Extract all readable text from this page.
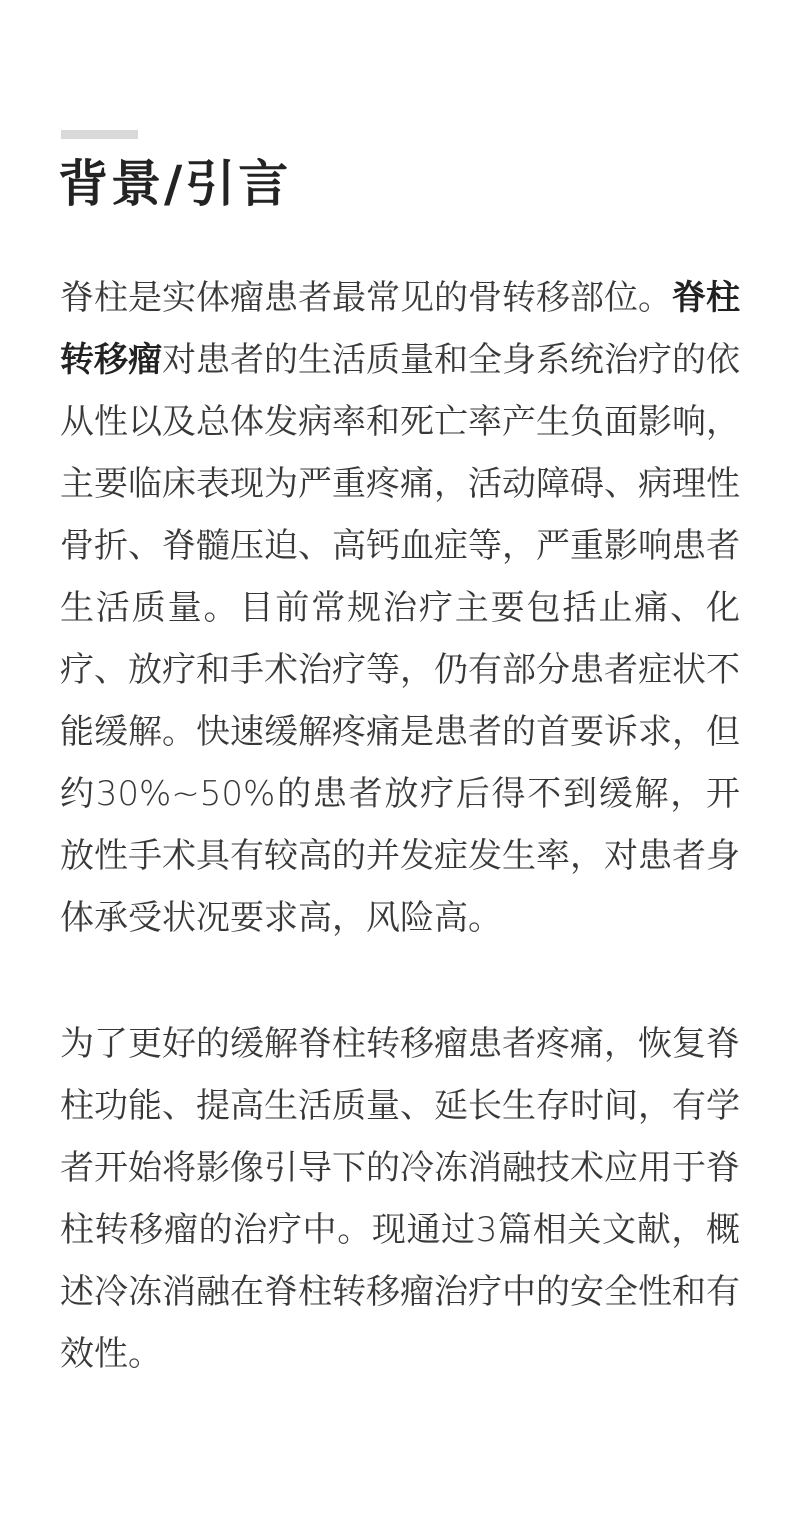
背景/引言

脊柱是实体瘤患者最常见的骨转移部位。脊柱转移瘤对患者的生活质量和全身系统治疗的依从性以及总体发病率和死亡率产生负面影响，主要临床表现为严重疼痛，活动障碍、病理性骨折、脊髓压迫、高钙血症等，严重影响患者生活质量。目前常规治疗主要包括止痛、化疗、放疗和手术治疗等，仍有部分患者症状不能缓解。快速缓解疼痛是患者的首要诉求，但约30%~50%的患者放疗后得不到缓解，开放性手术具有较高的并发症发生率，对患者身体承受状况要求高，风险高。

为了更好的缓解脊柱转移瘤患者疼痛，恢复脊柱功能、提高生活质量、延长生存时间，有学者开始将影像引导下的冷冻消融技术应用于脊柱转移瘤的治疗中。现通过3篇相关文献，概述冷冻消融在脊柱转移瘤治疗中的安全性和有效性。
